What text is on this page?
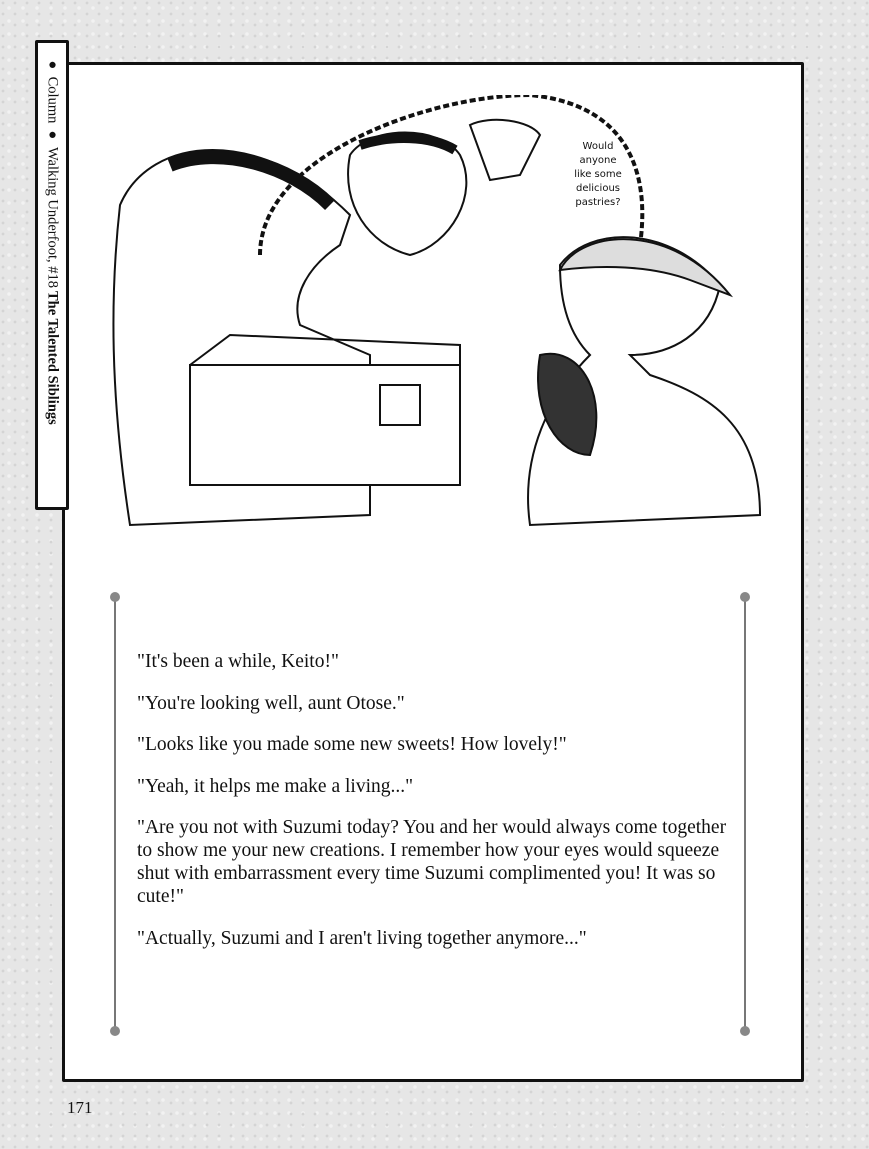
● Column ● Walking Underfoot, #18 The Talented Siblings
Would
anyone
like some
delicious
pastries?

"It's been a while, Keito!"

"You're looking well, aunt Otose."

"Looks like you made some new sweets! How lovely!"

"Yeah, it helps me make a living..."

"Are you not with Suzumi today? You and her would always come together to show me your new creations. I remember how your eyes would squeeze shut with embarrassment every time Suzumi complimented you! It was so cute!"

"Actually, Suzumi and I aren't living together anymore..."

171
